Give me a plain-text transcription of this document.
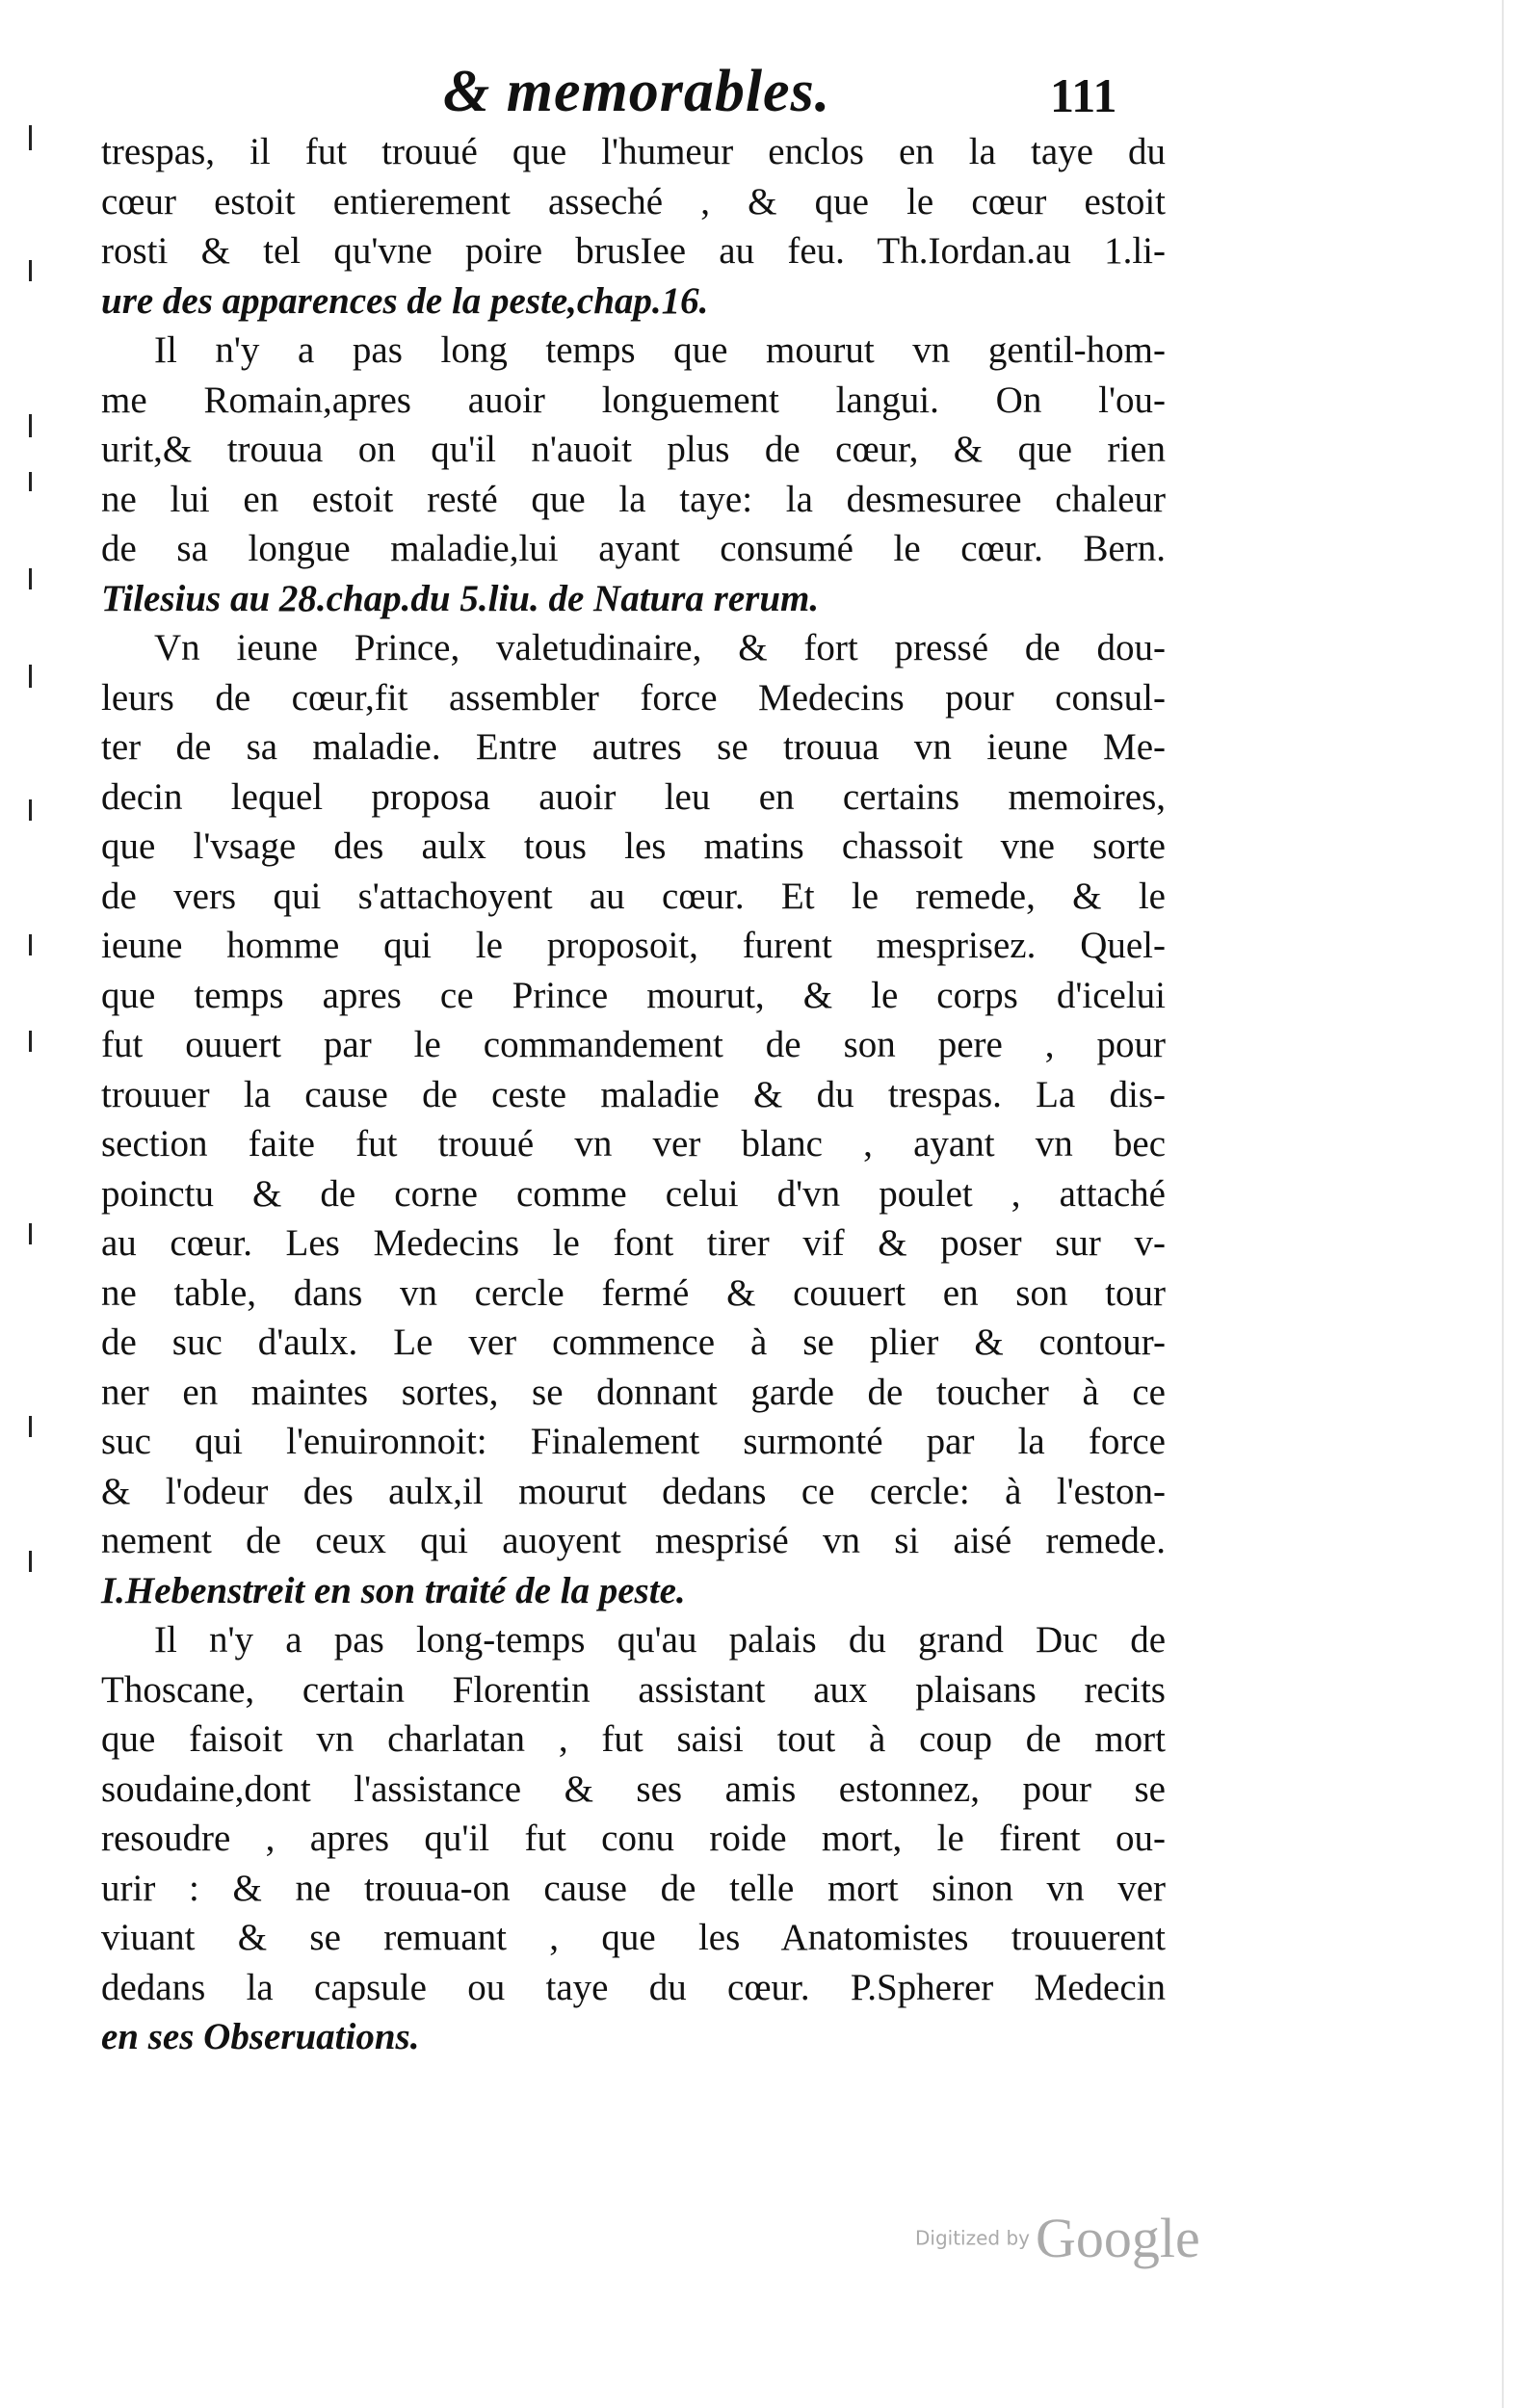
& memorables.	111
trespas, il fut trouué que l'humeur enclos en la taye du
cœur estoit entierement asseché , & que le cœur estoit
rosti & tel qu'vne poire brusIee au feu. Th.Iordan.au 1.li-
ure des apparences de la peste,chap.16.
Il n'y a pas long temps que mourut vn gentil-hom-
me Romain,apres auoir longuement langui. On l'ou-
urit,& trouua on qu'il n'auoit plus de cœur, & que rien
ne lui en estoit resté que la taye: la desmesuree chaleur
de sa longue maladie,lui ayant consumé le cœur. Bern.
Tilesius au 28.chap.du 5.liu. de Natura rerum.
Vn ieune Prince, valetudinaire, & fort pressé de dou-
leurs de cœur,fit assembler force Medecins pour consul-
ter de sa maladie. Entre autres se trouua vn ieune Me-
decin lequel proposa auoir leu en certains memoires,
que l'vsage des aulx tous les matins chassoit vne sorte
de vers qui s'attachoyent au cœur. Et le remede, & le
ieune homme qui le proposoit, furent mesprisez. Quel-
que temps apres ce Prince mourut, & le corps d'icelui
fut ouuert par le commandement de son pere , pour
trouuer la cause de ceste maladie & du trespas. La dis-
section faite fut trouué vn ver blanc , ayant vn bec
poinctu & de corne comme celui d'vn poulet , attaché
au cœur. Les Medecins le font tirer vif & poser sur v-
ne table, dans vn cercle fermé & couuert en son tour
de suc d'aulx. Le ver commence à se plier & contour-
ner en maintes sortes, se donnant garde de toucher à ce
suc qui l'enuironnoit: Finalement surmonté par la force
& l'odeur des aulx,il mourut dedans ce cercle: à l'eston-
nement de ceux qui auoyent mesprisé vn si aisé remede.
I.Hebenstreit en son traité de la peste.
Il n'y a pas long-temps qu'au palais du grand Duc de
Thoscane, certain Florentin assistant aux plaisans recits
que faisoit vn charlatan , fut saisi tout à coup de mort
soudaine,dont l'assistance & ses amis estonnez, pour se
resoudre , apres qu'il fut conu roide mort, le firent ou-
urir : & ne trouua-on cause de telle mort sinon vn ver
viuant & se remuant , que les Anatomistes trouuerent
dedans la capsule ou taye du cœur. P.Spherer Medecin
en ses Obseruations.
Digitized by Google
